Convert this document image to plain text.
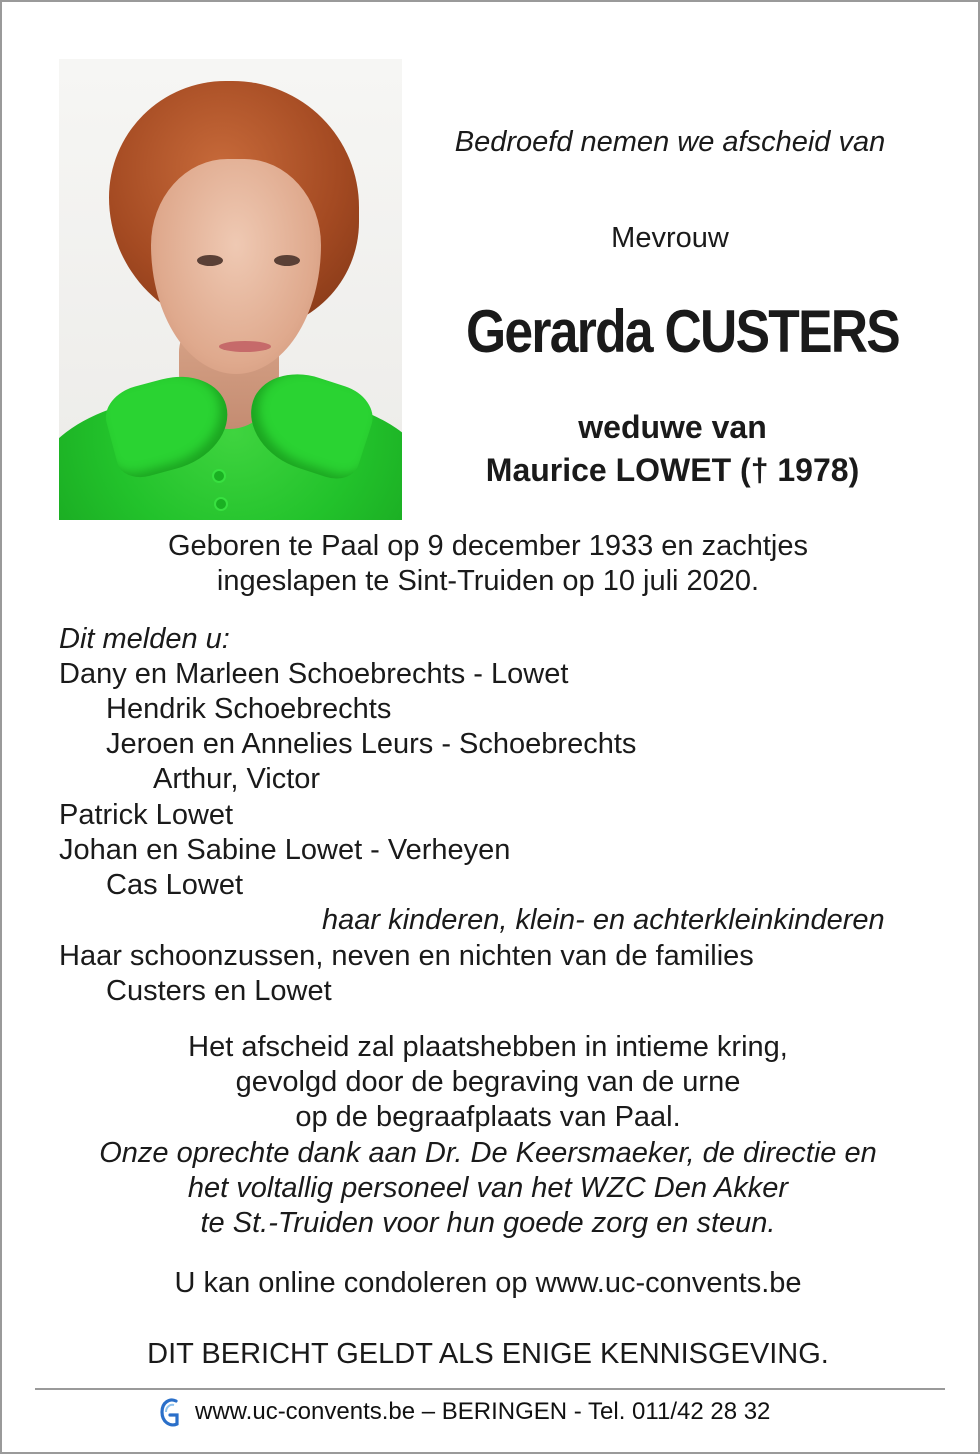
Bedroefd nemen we afscheid van
Mevrouw
Gerarda CUSTERS
weduwe van
Maurice LOWET († 1978)
Geboren te Paal op 9 december 1933 en zachtjes
ingeslapen te Sint-Truiden op 10 juli 2020.
Dit melden u:
Dany en Marleen Schoebrechts - Lowet
Hendrik Schoebrechts
Jeroen en Annelies Leurs - Schoebrechts
Arthur, Victor
Patrick Lowet
Johan en Sabine Lowet - Verheyen
Cas Lowet
haar kinderen, klein- en achterkleinkinderen
Haar schoonzussen, neven en nichten van de families
Custers en Lowet
Het afscheid zal plaatshebben in intieme kring,
gevolgd door de begraving van de urne
op de begraafplaats van Paal.
Onze oprechte dank aan Dr. De Keersmaeker, de directie en
het voltallig personeel van het WZC Den Akker
te St.-Truiden voor hun goede zorg en steun.
U kan online condoleren op www.uc-convents.be
DIT BERICHT GELDT ALS ENIGE KENNISGEVING.
www.uc-convents.be – BERINGEN - Tel. 011/42 28 32
